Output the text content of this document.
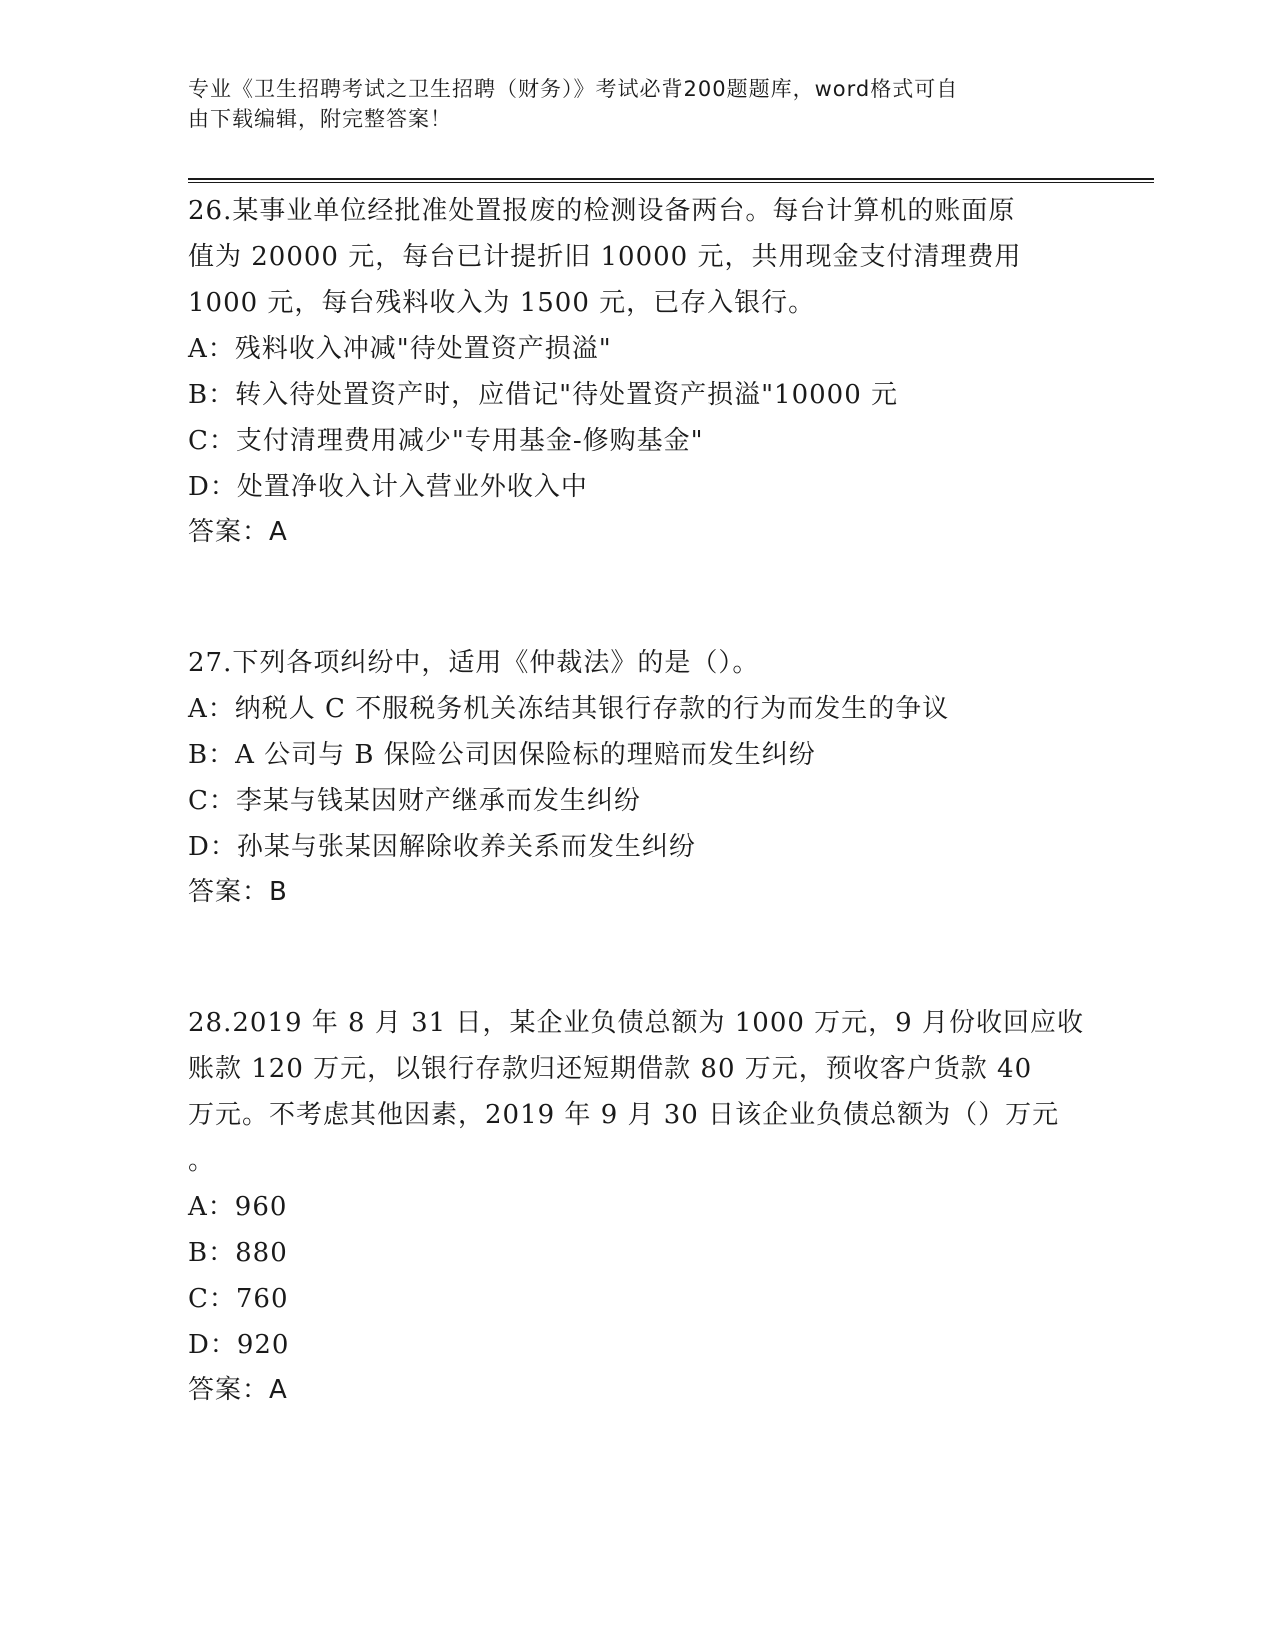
专业《卫生招聘考试之卫生招聘（财务）》考试必背200题题库，word格式可自
由下载编辑，附完整答案！
26.某事业单位经批准处置报废的检测设备两台。每台计算机的账面原
值为 20000 元，每台已计提折旧 10000 元，共用现金支付清理费用
1000 元，每台残料收入为 1500 元，已存入银行。
A：残料收入冲减"待处置资产损溢"
B：转入待处置资产时，应借记"待处置资产损溢"10000 元
C：支付清理费用减少"专用基金-修购基金"
D：处置净收入计入营业外收入中
答案：A
27.下列各项纠纷中，适用《仲裁法》的是（）。
A：纳税人 C 不服税务机关冻结其银行存款的行为而发生的争议
B：A 公司与 B 保险公司因保险标的理赔而发生纠纷
C：李某与钱某因财产继承而发生纠纷
D：孙某与张某因解除收养关系而发生纠纷
答案：B
28.2019 年 8 月 31 日，某企业负债总额为 1000 万元，9 月份收回应收
账款 120 万元，以银行存款归还短期借款 80 万元，预收客户货款 40
万元。不考虑其他因素，2019 年 9 月 30 日该企业负债总额为（）万元
。
A：960
B：880
C：760
D：920
答案：A
